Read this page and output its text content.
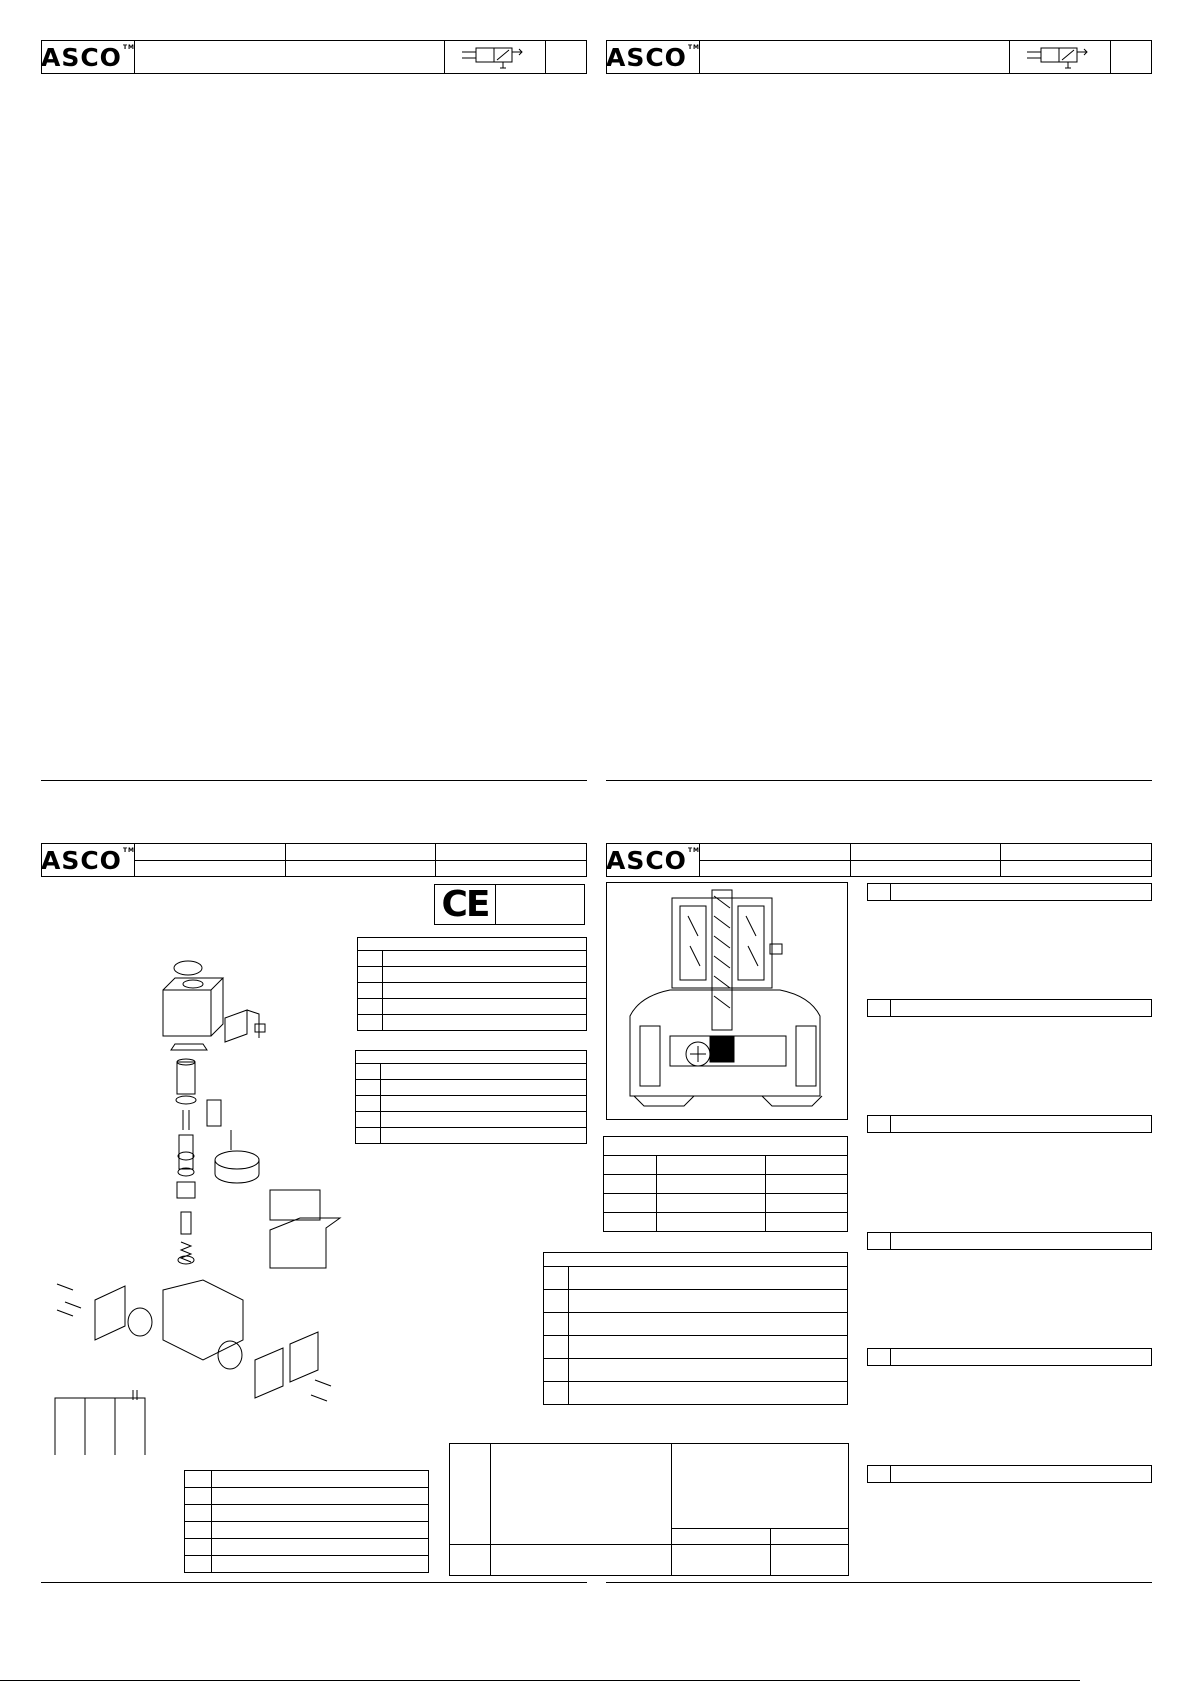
ASCO™	ASCO™
ASCO™	ASCO™
CE
